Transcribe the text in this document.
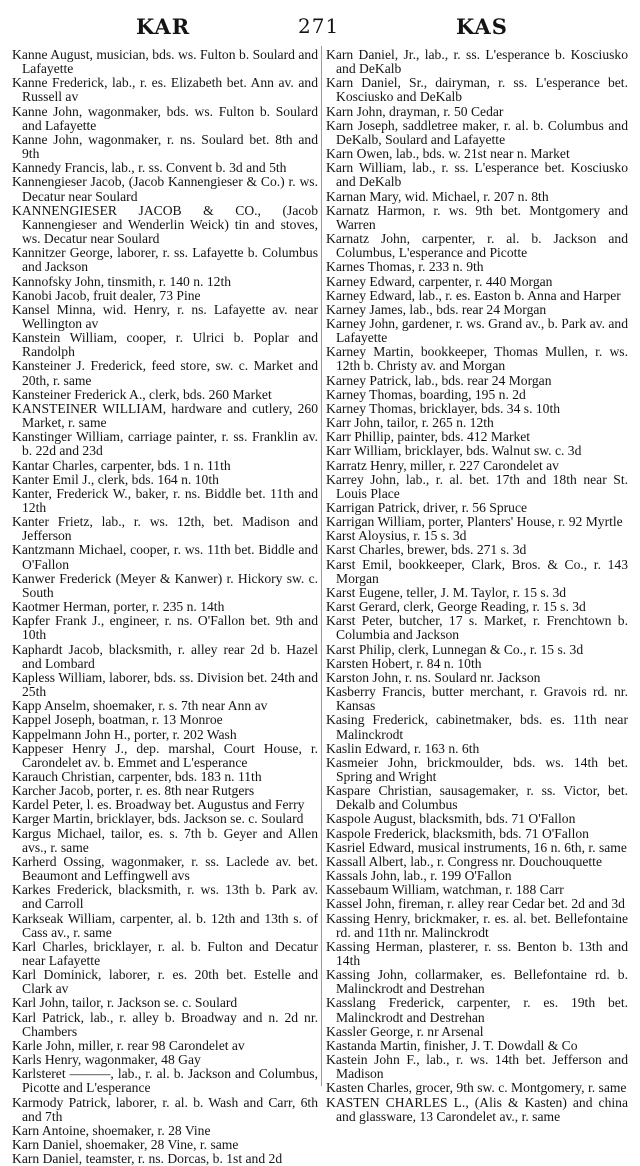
KAR	271	KAS
Kanne August, musician, bds. ws. Fulton b. Soulard and Lafayette
Kanne Frederick, lab., r. es. Elizabeth bet. Ann av. and Russell av
Kanne John, wagonmaker, bds. ws. Fulton b. Soulard and Lafayette
Kanne John, wagonmaker, r. ns. Soulard bet. 8th and 9th
Kannedy Francis, lab., r. ss. Convent b. 3d and 5th
Kannengieser Jacob, (Jacob Kannengieser & Co.) r. ws. Decatur near Soulard
KANNENGIESER JACOB & CO., (Jacob Kannengieser and Wenderlin Weick) tin and stoves, ws. Decatur near Soulard
Kannitzer George, laborer, r. ss. Lafayette b. Columbus and Jackson
Kannofsky John, tinsmith, r. 140 n. 12th
Kanobi Jacob, fruit dealer, 73 Pine
Kansel Minna, wid. Henry, r. ns. Lafayette av. near Wellington av
Kanstein William, cooper, r. Ulrici b. Poplar and Randolph
Kansteiner J. Frederick, feed store, sw. c. Market and 20th, r. same
Kansteiner Frederick A., clerk, bds. 260 Market
KANSTEINER WILLIAM, hardware and cutlery, 260 Market, r. same
Kanstinger William, carriage painter, r. ss. Franklin av. b. 22d and 23d
Kantar Charles, carpenter, bds. 1 n. 11th
Kanter Emil J., clerk, bds. 164 n. 10th
Kanter, Frederick W., baker, r. ns. Biddle bet. 11th and 12th
Kanter Frietz, lab., r. ws. 12th, bet. Madison and Jefferson
Kantzmann Michael, cooper, r. ws. 11th bet. Biddle and O'Fallon
Kanwer Frederick (Meyer & Kanwer) r. Hickory sw. c. South
Kaotmer Herman, porter, r. 235 n. 14th
Kapfer Frank J., engineer, r. ns. O'Fallon bet. 9th and 10th
Kaphardt Jacob, blacksmith, r. alley rear 2d b. Hazel and Lombard
Kapless William, laborer, bds. ss. Division bet. 24th and 25th
Kapp Anselm, shoemaker, r. s. 7th near Ann av
Kappel Joseph, boatman, r. 13 Monroe
Kappelmann John H., porter, r. 202 Wash
Kappeser Henry J., dep. marshal, Court House, r. Carondelet av. b. Emmet and L'esperance
Karauch Christian, carpenter, bds. 183 n. 11th
Karcher Jacob, porter, r. es. 8th near Rutgers
Kardel Peter, l. es. Broadway bet. Augustus and Ferry
Karger Martin, bricklayer, bds. Jackson se. c. Soulard
Kargus Michael, tailor, es. s. 7th b. Geyer and Allen avs., r. same
Karherd Ossing, wagonmaker, r. ss. Laclede av. bet. Beaumont and Leffingwell avs
Karkes Frederick, blacksmith, r. ws. 13th b. Park av. and Carroll
Karkseak William, carpenter, al. b. 12th and 13th s. of Cass av., r. same
Karl Charles, bricklayer, r. al. b. Fulton and Decatur near Lafayette
Karl Dominick, laborer, r. es. 20th bet. Estelle and Clark av
Karl John, tailor, r. Jackson se. c. Soulard
Karl Patrick, lab., r. alley b. Broadway and n. 2d nr. Chambers
Karle John, miller, r. rear 98 Carondelet av
Karls Henry, wagonmaker, 48 Gay
Karlsteret ———, lab., r. al. b. Jackson and Columbus, Picotte and L'esperance
Karmody Patrick, laborer, r. al. b. Wash and Carr, 6th and 7th
Karn Antoine, shoemaker, r. 28 Vine
Karn Daniel, shoemaker, 28 Vine, r. same
Karn Daniel, teamster, r. ns. Dorcas, b. 1st and 2d
Karn Daniel, Jr., lab., r. ss. L'esperance b. Kosciusko and DeKalb
Karn Daniel, Sr., dairyman, r. ss. L'esperance bet. Kosciusko and DeKalb
Karn John, drayman, r. 50 Cedar
Karn Joseph, saddletree maker, r. al. b. Columbus and DeKalb, Soulard and Lafayette
Karn Owen, lab., bds. w. 21st near n. Market
Karn William, lab., r. ss. L'esperance bet. Kosciusko and DeKalb
Karnan Mary, wid. Michael, r. 207 n. 8th
Karnatz Harmon, r. ws. 9th bet. Montgomery and Warren
Karnatz John, carpenter, r. al. b. Jackson and Columbus, L'esperance and Picotte
Karnes Thomas, r. 233 n. 9th
Karney Edward, carpenter, r. 440 Morgan
Karney Edward, lab., r. es. Easton b. Anna and Harper
Karney James, lab., bds. rear 24 Morgan
Karney John, gardener, r. ws. Grand av., b. Park av. and Lafayette
Karney Martin, bookkeeper, Thomas Mullen, r. ws. 12th b. Christy av. and Morgan
Karney Patrick, lab., bds. rear 24 Morgan
Karney Thomas, boarding, 195 n. 2d
Karney Thomas, bricklayer, bds. 34 s. 10th
Karr John, tailor, r. 265 n. 12th
Karr Phillip, painter, bds. 412 Market
Karr William, bricklayer, bds. Walnut sw. c. 3d
Karratz Henry, miller, r. 227 Carondelet av
Karrey John, lab., r. al. bet. 17th and 18th near St. Louis Place
Karrigan Patrick, driver, r. 56 Spruce
Karrigan William, porter, Planters' House, r. 92 Myrtle
Karst Aloysius, r. 15 s. 3d
Karst Charles, brewer, bds. 271 s. 3d
Karst Emil, bookkeeper, Clark, Bros. & Co., r. 143 Morgan
Karst Eugene, teller, J. M. Taylor, r. 15 s. 3d
Karst Gerard, clerk, George Reading, r. 15 s. 3d
Karst Peter, butcher, 17 s. Market, r. Frenchtown b. Columbia and Jackson
Karst Philip, clerk, Lunnegan & Co., r. 15 s. 3d
Karsten Hobert, r. 84 n. 10th
Karston John, r. ns. Soulard nr. Jackson
Kasberry Francis, butter merchant, r. Gravois rd. nr. Kansas
Kasing Frederick, cabinetmaker, bds. es. 11th near Malinckrodt
Kaslin Edward, r. 163 n. 6th
Kasmeier John, brickmoulder, bds. ws. 14th bet. Spring and Wright
Kaspare Christian, sausagemaker, r. ss. Victor, bet. Dekalb and Columbus
Kaspole August, blacksmith, bds. 71 O'Fallon
Kaspole Frederick, blacksmith, bds. 71 O'Fallon
Kasriel Edward, musical instruments, 16 n. 6th, r. same
Kassall Albert, lab., r. Congress nr. Douchouquette
Kassals John, lab., r. 199 O'Fallon
Kassebaum William, watchman, r. 188 Carr
Kassel John, fireman, r. alley rear Cedar bet. 2d and 3d
Kassing Henry, brickmaker, r. es. al. bet. Bellefontaine rd. and 11th nr. Malinckrodt
Kassing Herman, plasterer, r. ss. Benton b. 13th and 14th
Kassing John, collarmaker, es. Bellefontaine rd. b. Malinckrodt and Destrehan
Kasslang Frederick, carpenter, r. es. 19th bet. Malinckrodt and Destrehan
Kassler George, r. nr Arsenal
Kastanda Martin, finisher, J. T. Dowdall & Co
Kastein John F., lab., r. ws. 14th bet. Jefferson and Madison
Kasten Charles, grocer, 9th sw. c. Montgomery, r. same
KASTEN CHARLES L., (Alis & Kasten) and china and glassware, 13 Carondelet av., r. same
